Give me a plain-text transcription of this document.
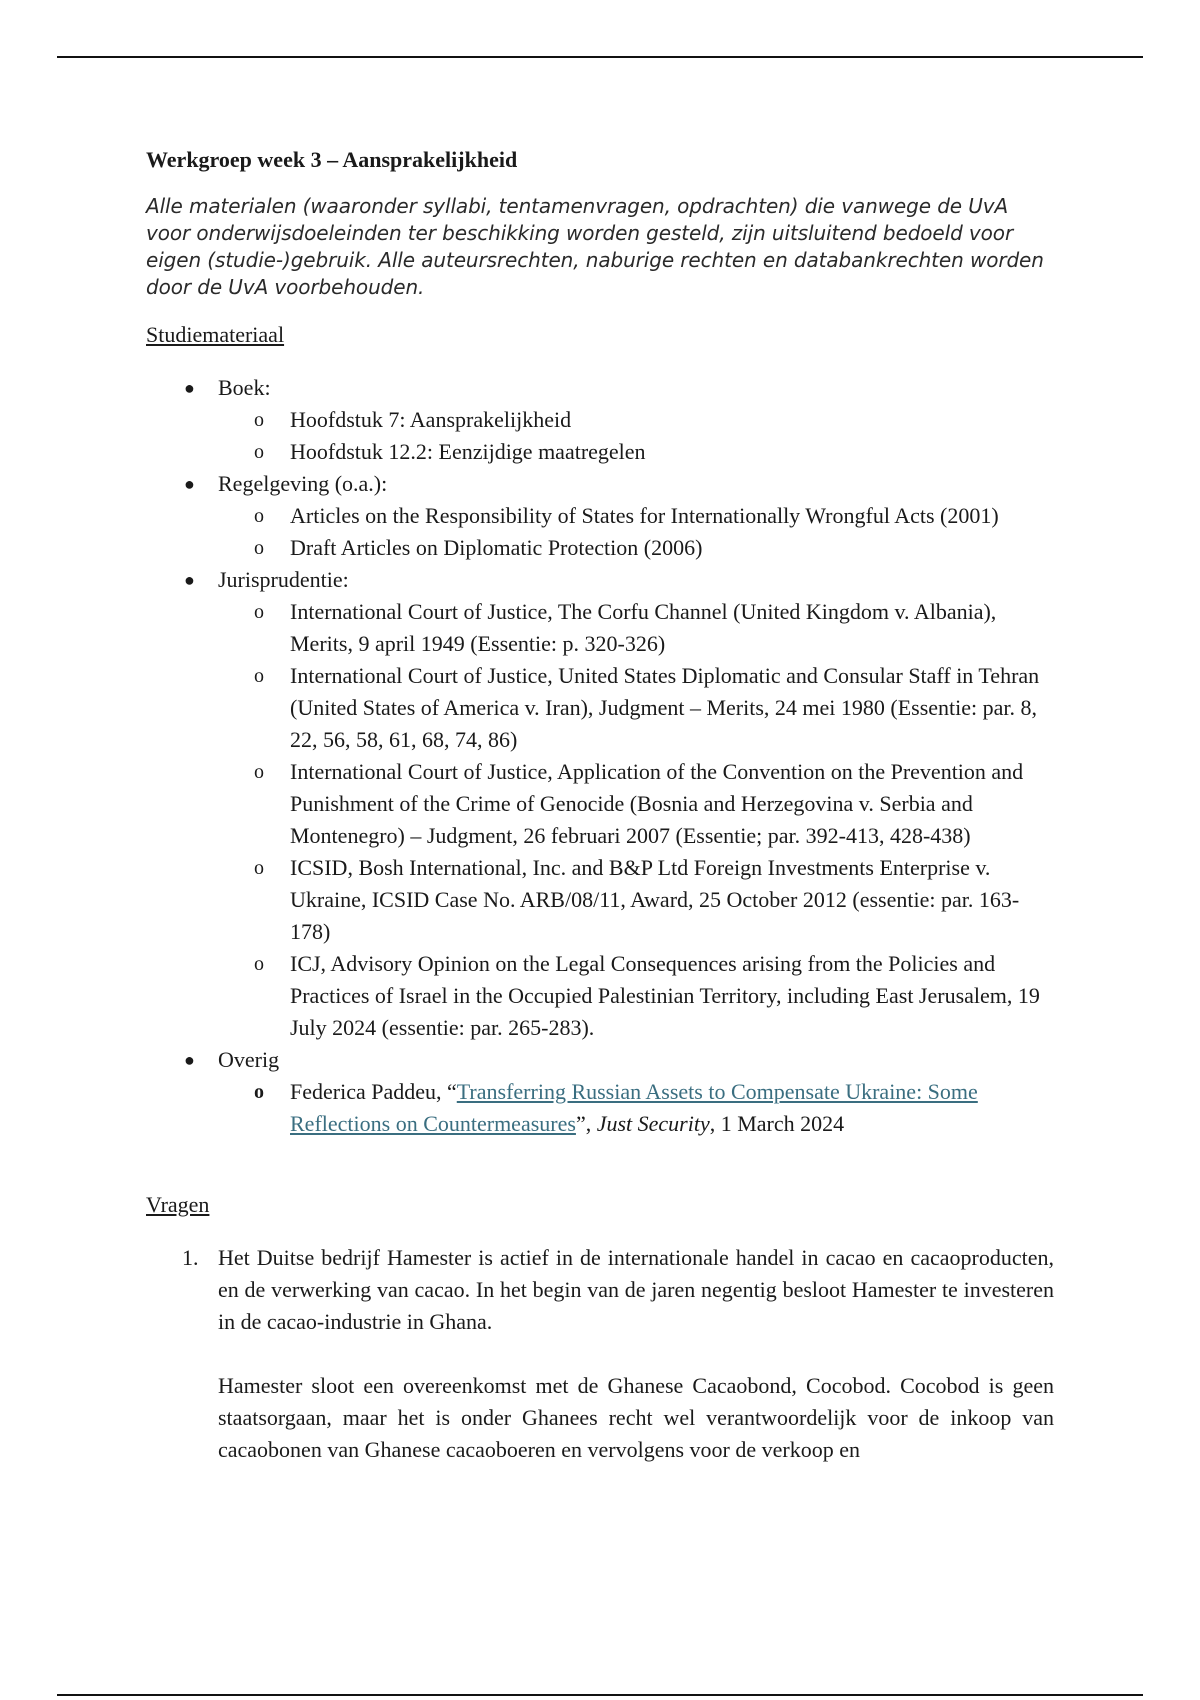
Werkgroep week 3 – Aansprakelijkheid

Alle materialen (waaronder syllabi, tentamenvragen, opdrachten) die vanwege de UvA voor onderwijsdoeleinden ter beschikking worden gesteld, zijn uitsluitend bedoeld voor eigen (studie-)gebruik. Alle auteursrechten, naburige rechten en databankrechten worden door de UvA voorbehouden.

Studiemateriaal
● Boek:
o Hoofdstuk 7: Aansprakelijkheid
o Hoofdstuk 12.2: Eenzijdige maatregelen
● Regelgeving (o.a.):
o Articles on the Responsibility of States for Internationally Wrongful Acts (2001)
o Draft Articles on Diplomatic Protection (2006)
● Jurisprudentie:
o International Court of Justice, The Corfu Channel (United Kingdom v. Albania), Merits, 9 april 1949 (Essentie: p. 320-326)
o International Court of Justice, United States Diplomatic and Consular Staff in Tehran (United States of America v. Iran), Judgment – Merits, 24 mei 1980 (Essentie: par. 8, 22, 56, 58, 61, 68, 74, 86)
o International Court of Justice, Application of the Convention on the Prevention and Punishment of the Crime of Genocide (Bosnia and Herzegovina v. Serbia and Montenegro) – Judgment, 26 februari 2007 (Essentie; par. 392-413, 428-438)
o ICSID, Bosh International, Inc. and B&P Ltd Foreign Investments Enterprise v. Ukraine, ICSID Case No. ARB/08/11, Award, 25 October 2012 (essentie: par. 163-178)
o ICJ, Advisory Opinion on the Legal Consequences arising from the Policies and Practices of Israel in the Occupied Palestinian Territory, including East Jerusalem, 19 July 2024 (essentie: par. 265-283).
● Overig
o Federica Paddeu, “Transferring Russian Assets to Compensate Ukraine: Some Reflections on Countermeasures”, Just Security, 1 March 2024
Vragen
1. Het Duitse bedrijf Hamester is actief in de internationale handel in cacao en cacaoproducten, en de verwerking van cacao. In het begin van de jaren negentig besloot Hamester te investeren in de cacao-industrie in Ghana.

Hamester sloot een overeenkomst met de Ghanese Cacaobond, Cocobod. Cocobod is geen staatsorgaan, maar het is onder Ghanees recht wel verantwoordelijk voor de inkoop van cacaobonen van Ghanese cacaoboeren en vervolgens voor de verkoop en
